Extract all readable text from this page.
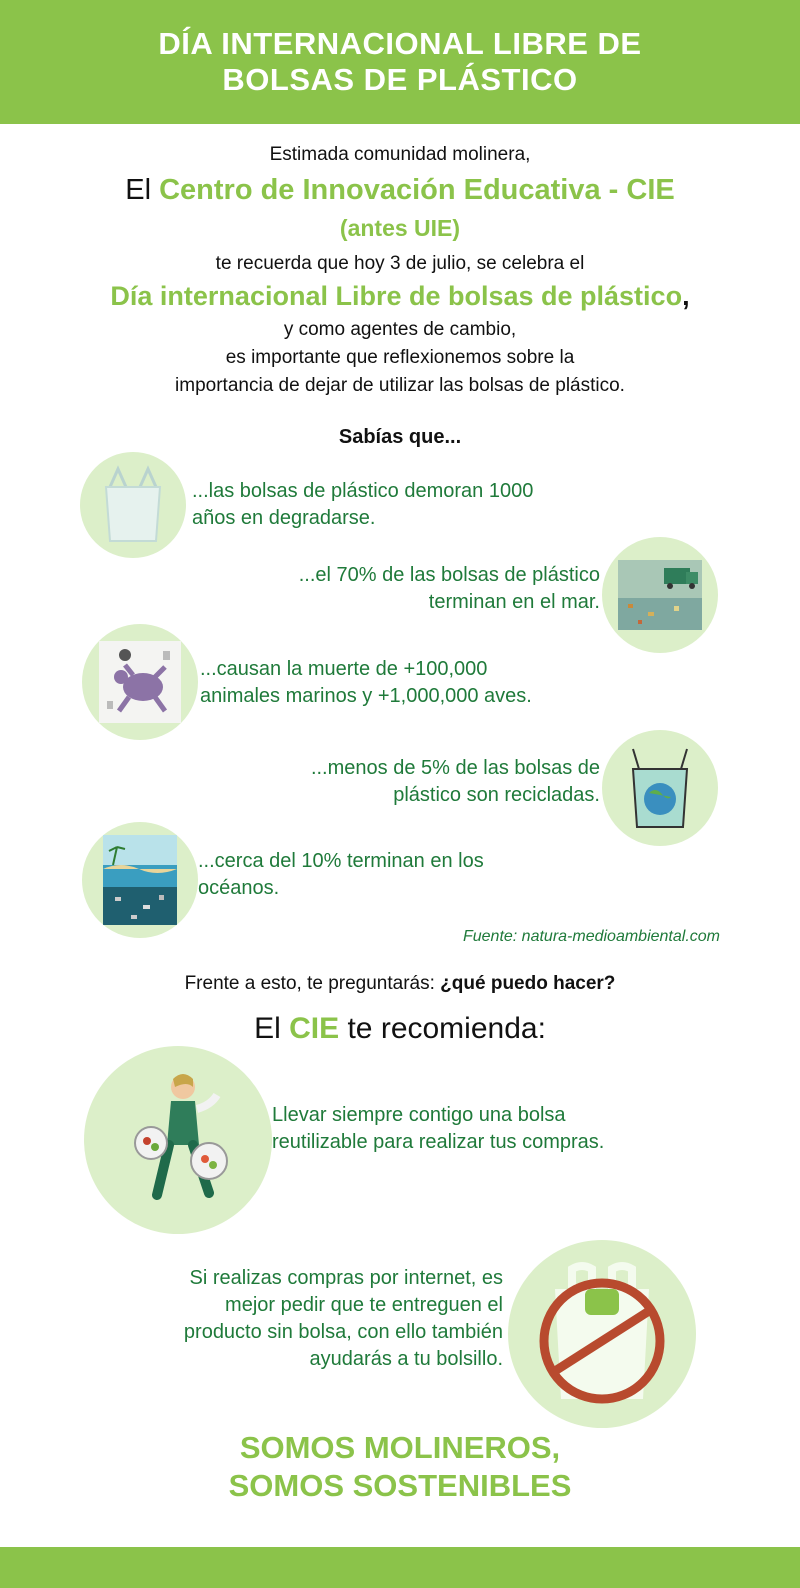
DÍA INTERNACIONAL LIBRE DE
BOLSAS DE PLÁSTICO
Estimada comunidad molinera,
El Centro de Innovación Educativa - CIE
(antes UIE)
te recuerda que hoy 3 de julio, se celebra el
Día internacional Libre de bolsas de plástico,
y como agentes de cambio,
es importante que reflexionemos sobre la
importancia de dejar de utilizar las bolsas de plástico.
Sabías que...
...las bolsas de plástico demoran 1000
años en degradarse.
...el 70% de las bolsas de plástico
terminan en el mar.
...causan la muerte de +100,000
animales marinos y +1,000,000 aves.
...menos de 5% de las bolsas de
plástico son recicladas.
...cerca del 10% terminan en los
océanos.
Fuente: natura-medioambiental.com
Frente a esto, te preguntarás: ¿qué puedo hacer?
El CIE te recomienda:
Llevar siempre contigo una bolsa
reutilizable para realizar tus compras.
Si realizas compras por internet, es
mejor pedir que te entreguen el
producto sin bolsa, con ello también
ayudarás a tu bolsillo.
SOMOS MOLINEROS,
SOMOS SOSTENIBLES
